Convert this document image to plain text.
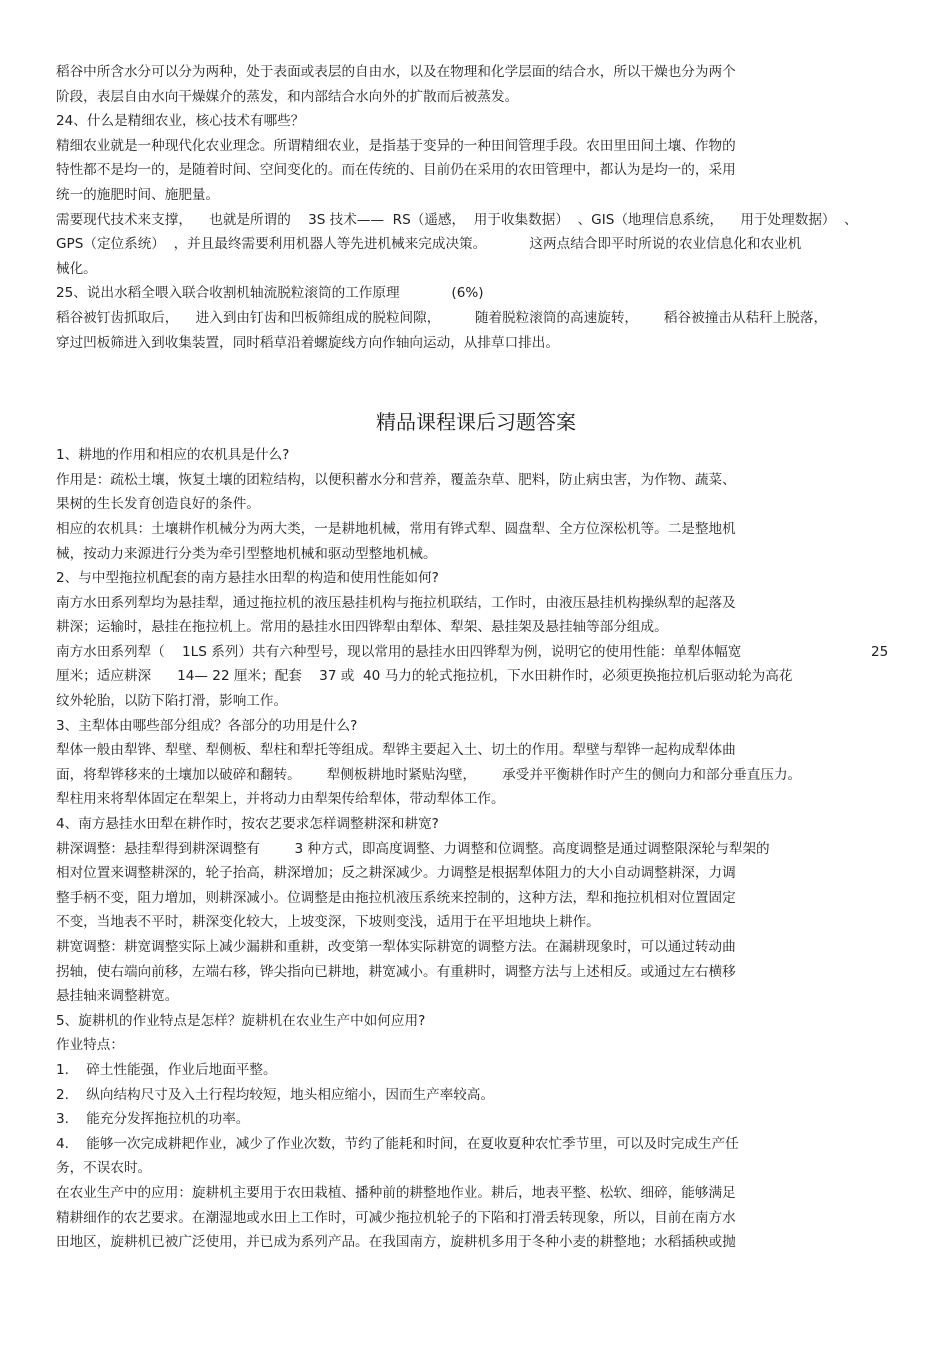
稻谷中所含水分可以分为两种，处于表面或表层的自由水，以及在物理和化学层面的结合水，所以干燥也分为两个
阶段，表层自由水向干燥媒介的蒸发，和内部结合水向外的扩散而后被蒸发。
24、什么是精细农业，核心技术有哪些？
精细农业就是一种现代化农业理念。所谓精细农业，是指基于变异的一种田间管理手段。农田里田间土壤、作物的
特性都不是均一的，是随着时间、空间变化的。而在传统的、目前仍在采用的农田管理中，都认为是均一的，采用
统一的施肥时间、施肥量。
需要现代技术来支撑，    也就是所谓的    3S 技术——  RS（遥感，  用于收集数据）  、GIS（地理信息系统，    用于处理数据）  、
GPS（定位系统）  ，并且最终需要利用机器人等先进机械来完成决策。          这两点结合即平时所说的农业信息化和农业机
械化。
25、说出水稻全喂入联合收割机轴流脱粒滚筒的工作原理            (6%)
稻谷被钉齿抓取后，    进入到由钉齿和凹板筛组成的脱粒间隙，        随着脱粒滚筒的高速旋转，      稻谷被撞击从秸秆上脱落，
穿过凹板筛进入到收集装置，同时稻草沿着螺旋线方向作轴向运动，从排草口排出。
精品课程课后习题答案
1、耕地的作用和相应的农机具是什么?
作用是：疏松土壤，恢复土壤的团粒结构，以便积蓄水分和营养，覆盖杂草、肥料，防止病虫害，为作物、蔬菜、
果树的生长发育创造良好的条件。
相应的农机具：土壤耕作机械分为两大类，一是耕地机械，常用有铧式犁、圆盘犁、全方位深松机等。二是整地机
械，按动力来源进行分类为牵引型整地机械和驱动型整地机械。
2、与中型拖拉机配套的南方悬挂水田犁的构造和使用性能如何?
南方水田系列犁均为悬挂犁，通过拖拉机的液压悬挂机构与拖拉机联结，工作时，由液压悬挂机构操纵犁的起落及
耕深；运输时，悬挂在拖拉机上。常用的悬挂水田四铧犁由犁体、犁架、悬挂架及悬挂轴等部分组成。
南方水田系列犁（    1LS 系列）共有六种型号，现以常用的悬挂水田四铧犁为例，说明它的使用性能：单犁体幅宽                              25
厘米；适应耕深      14— 22 厘米；配套    37 或  40 马力的轮式拖拉机，下水田耕作时，必须更换拖拉机后驱动轮为高花
纹外轮胎，以防下陷打滑，影响工作。
3、主犁体由哪些部分组成？各部分的功用是什么?
犁体一般由犁铧、犁壁、犁侧板、犁柱和犁托等组成。犁铧主要起入土、切土的作用。犁壁与犁铧一起构成犁体曲
面，将犁铧移来的土壤加以破碎和翻转。      犁侧板耕地时紧贴沟壁，      承受并平衡耕作时产生的侧向力和部分垂直压力。
犁柱用来将犁体固定在犁架上，并将动力由犁架传给犁体，带动犁体工作。
4、南方悬挂水田犁在耕作时，按农艺要求怎样调整耕深和耕宽?
耕深调整：悬挂犁得到耕深调整有        3 种方式，即高度调整、力调整和位调整。高度调整是通过调整限深轮与犁架的
相对位置来调整耕深的，轮子抬高，耕深增加；反之耕深减少。力调整是根据犁体阻力的大小自动调整耕深，力调
整手柄不变，阻力增加，则耕深减小。位调整是由拖拉机液压系统来控制的，这种方法，犁和拖拉机相对位置固定
不变，当地表不平时，耕深变化较大，上坡变深，下坡则变浅，适用于在平坦地块上耕作。
耕宽调整：耕宽调整实际上减少漏耕和重耕，改变第一犁体实际耕宽的调整方法。在漏耕现象时，可以通过转动曲
拐轴，使右端向前移，左端右移，铧尖指向已耕地，耕宽减小。有重耕时，调整方法与上述相反。或通过左右横移
悬挂轴来调整耕宽。
5、旋耕机的作业特点是怎样？旋耕机在农业生产中如何应用?
作业特点：
1.    碎土性能强，作业后地面平整。
2.    纵向结构尺寸及入土行程均较短，地头相应缩小，因而生产率较高。
3.    能充分发挥拖拉机的功率。
4.    能够一次完成耕耙作业，减少了作业次数，节约了能耗和时间，在夏收夏种农忙季节里，可以及时完成生产任
务，不误农时。
在农业生产中的应用：旋耕机主要用于农田栽植、播种前的耕整地作业。耕后，地表平整、松软、细碎，能够满足
精耕细作的农艺要求。在潮湿地或水田上工作时，可减少拖拉机轮子的下陷和打滑丢转现象，所以，目前在南方水
田地区，旋耕机已被广泛使用，并已成为系列产品。在我国南方，旋耕机多用于冬种小麦的耕整地；水稻插秧或抛
